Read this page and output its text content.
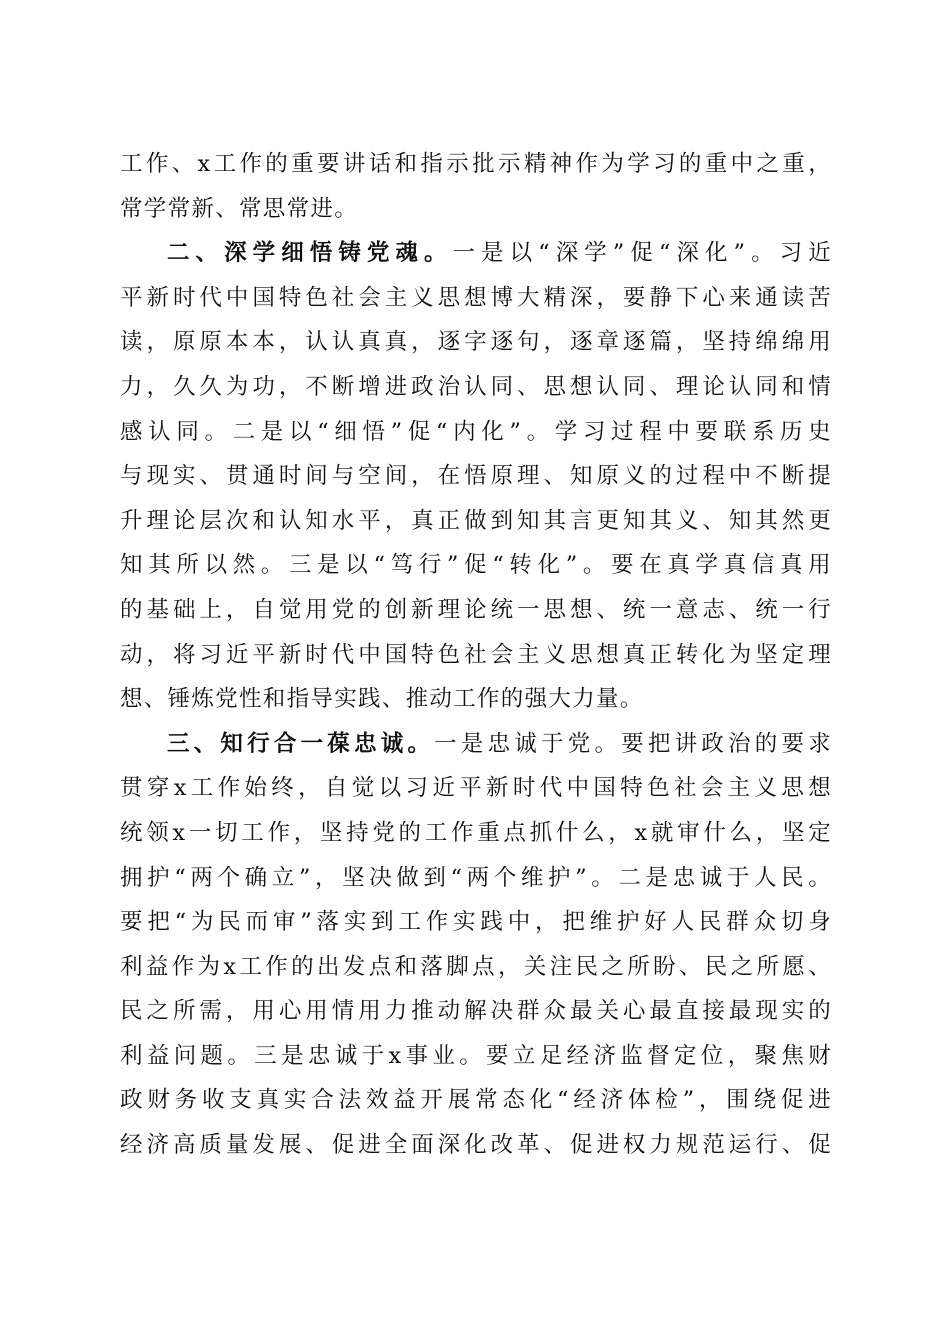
工作、x工作的重要讲话和指示批示精神作为学习的重中之重，
常学常新、常思常进。
二、深学细悟铸党魂。一是以“深学”促“深化”。习近
平新时代中国特色社会主义思想博大精深，要静下心来通读苦
读，原原本本，认认真真，逐字逐句，逐章逐篇，坚持绵绵用
力，久久为功，不断增进政治认同、思想认同、理论认同和情
感认同。二是以“细悟”促“内化”。学习过程中要联系历史
与现实、贯通时间与空间，在悟原理、知原义的过程中不断提
升理论层次和认知水平，真正做到知其言更知其义、知其然更
知其所以然。三是以“笃行”促“转化”。要在真学真信真用
的基础上，自觉用党的创新理论统一思想、统一意志、统一行
动，将习近平新时代中国特色社会主义思想真正转化为坚定理
想、锤炼党性和指导实践、推动工作的强大力量。
三、知行合一葆忠诚。一是忠诚于党。要把讲政治的要求
贯穿x工作始终，自觉以习近平新时代中国特色社会主义思想
统领x一切工作，坚持党的工作重点抓什么，x就审什么，坚定
拥护“两个确立”，坚决做到“两个维护”。二是忠诚于人民。
要把“为民而审”落实到工作实践中，把维护好人民群众切身
利益作为x工作的出发点和落脚点，关注民之所盼、民之所愿、
民之所需，用心用情用力推动解决群众最关心最直接最现实的
利益问题。三是忠诚于x事业。要立足经济监督定位，聚焦财
政财务收支真实合法效益开展常态化“经济体检”，围绕促进
经济高质量发展、促进全面深化改革、促进权力规范运行、促
